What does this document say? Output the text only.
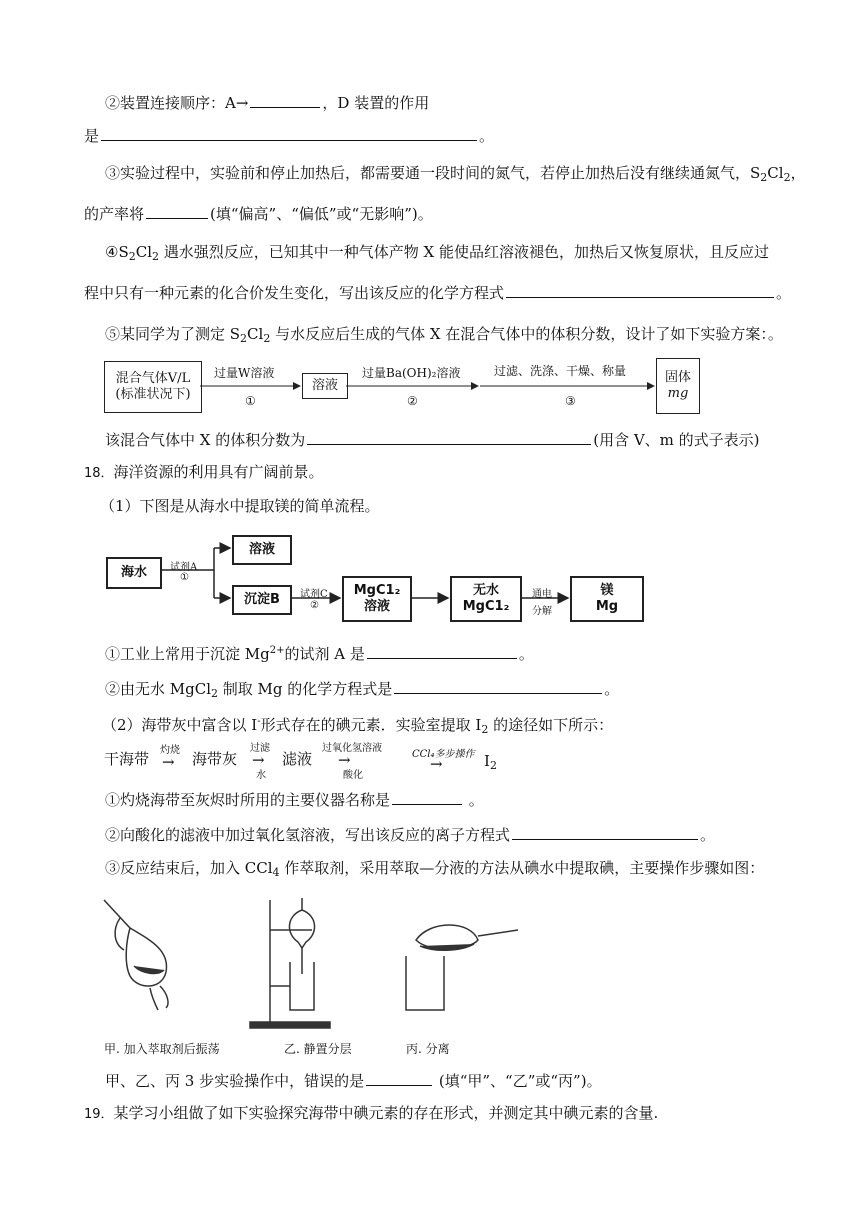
②装置连接顺序：A→	，D 装置的作用
是	。
③实验过程中，实验前和停止加热后，都需要通一段时间的氮气，若停止加热后没有继续通氮气，$S_2Cl_2$，
的产率将	(填“偏高”、“偏低”或“无影响”)。
$④S_2Cl_2$ 遇水强烈反应，已知其中一种气体产物 X 能使品红溶液褪色，加热后又恢复原状，且反应过
程中只有一种元素的化合价发生变化，写出该反应的化学方程式	。
⑤某同学为了测定 $S_2Cl_2$ 与水反应后生成的气体 X 在混合气体中的体积分数，设计了如下实验方案：。
混合气体V/L
(标准状况下)
过量W溶液
①
溶液
过量Ba(OH)₂溶液
②
过滤、洗涤、干燥、称量
③
固体
mg
该混合气体中 X 的体积分数为	(用含 V、m 的式子表示)
18．海洋资源的利用具有广阔前景。
（1）下图是从海水中提取镁的简单流程。
海水	试剂A
①
溶液
沉淀B	试剂C
②
MgC1₂
溶液
无水
MgC1₂
通电
分解
镁
Mg
①工业上常用于沉淀 $Mg^{2+}$的试剂 A 是	。
②由无水 MgCl$_2$ 制取 Mg 的化学方程式是	。
（2）海带灰中富含以 I-形式存在的碘元素．实验室提取 $I_2$ 的途径如下所示：
干海带 灼烧
→ 海带灰
过滤
→
水
滤液
过氧化氢溶液
→
酸化
CCl₄多步操作
→	$I_2$
①灼烧海带至灰烬时所用的主要仪器名称是	。
②向酸化的滤液中加过氧化氢溶液，写出该反应的离子方程式	。
③反应结束后，加入 CCl$_4$ 作萃取剂，采用萃取—分液的方法从碘水中提取碘，主要操作步骤如图：
甲. 加入萃取剂后振荡	乙. 静置分层	丙. 分离
甲、乙、丙 3 步实验操作中，错误的是	(填“甲”、“乙”或“丙”)。
19．某学习小组做了如下实验探究海带中碘元素的存在形式，并测定其中碘元素的含量.
